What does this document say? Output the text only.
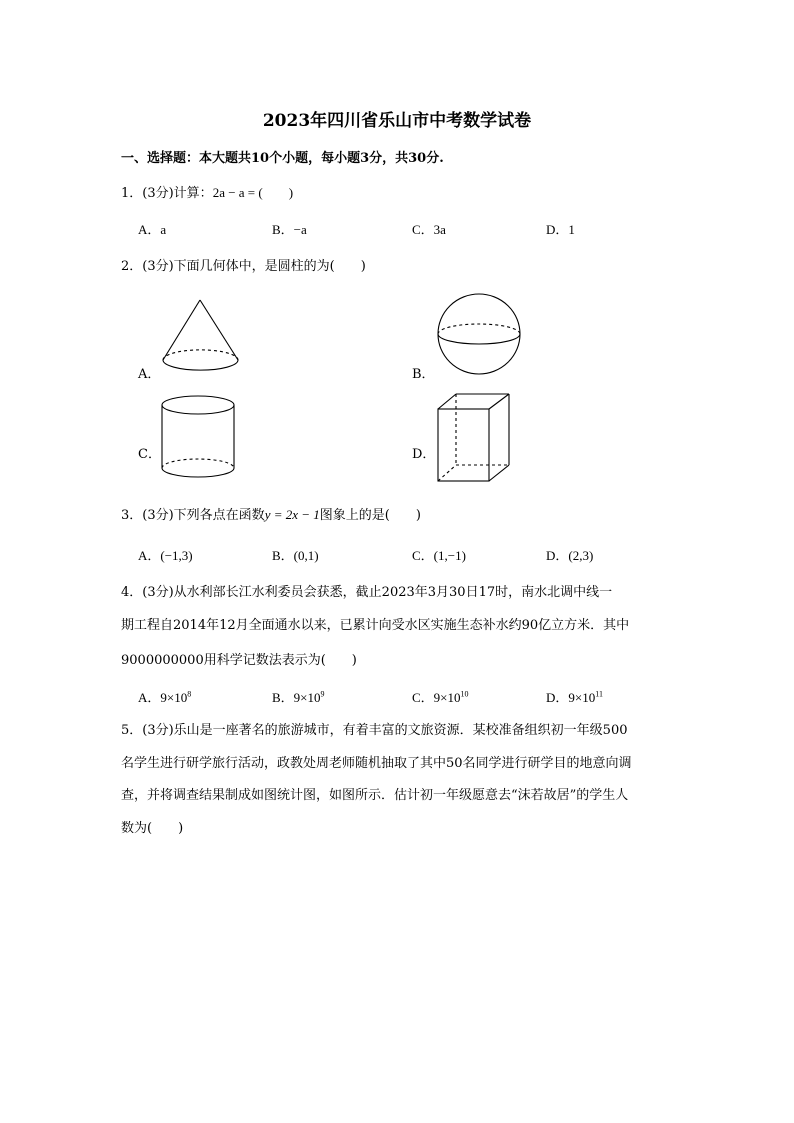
2023年四川省乐山市中考数学试卷
一、选择题：本大题共10个小题，每小题3分，共30分.
1．(3分)计算：2a − a = (　　)
A．a	B．−a	C．3a	D．1
2．(3分)下面几何体中，是圆柱的为(　　)
A．	B．
C．	D．
3．(3分)下列各点在函数y = 2x − 1图象上的是(　　)
A．(−1,3)	B．(0,1)	C．(1,−1)	D．(2,3)
4．(3分)从水利部长江水利委员会获悉，截止2023年3月30日17时，南水北调中线一
期工程自2014年12月全面通水以来，已累计向受水区实施生态补水约90亿立方米．其中
9000000000用科学记数法表示为(　　)
A．$9\times 10^8$	B．$9\times 10^9$	C．$9\times 10^{10}$	D．$9\times 10^{11}$
5．(3分)乐山是一座著名的旅游城市，有着丰富的文旅资源．某校准备组织初一年级500
名学生进行研学旅行活动，政教处周老师随机抽取了其中50名同学进行研学目的地意向调
查，并将调查结果制成如图统计图，如图所示．估计初一年级愿意去“沫若故居”的学生人
数为(　　)
